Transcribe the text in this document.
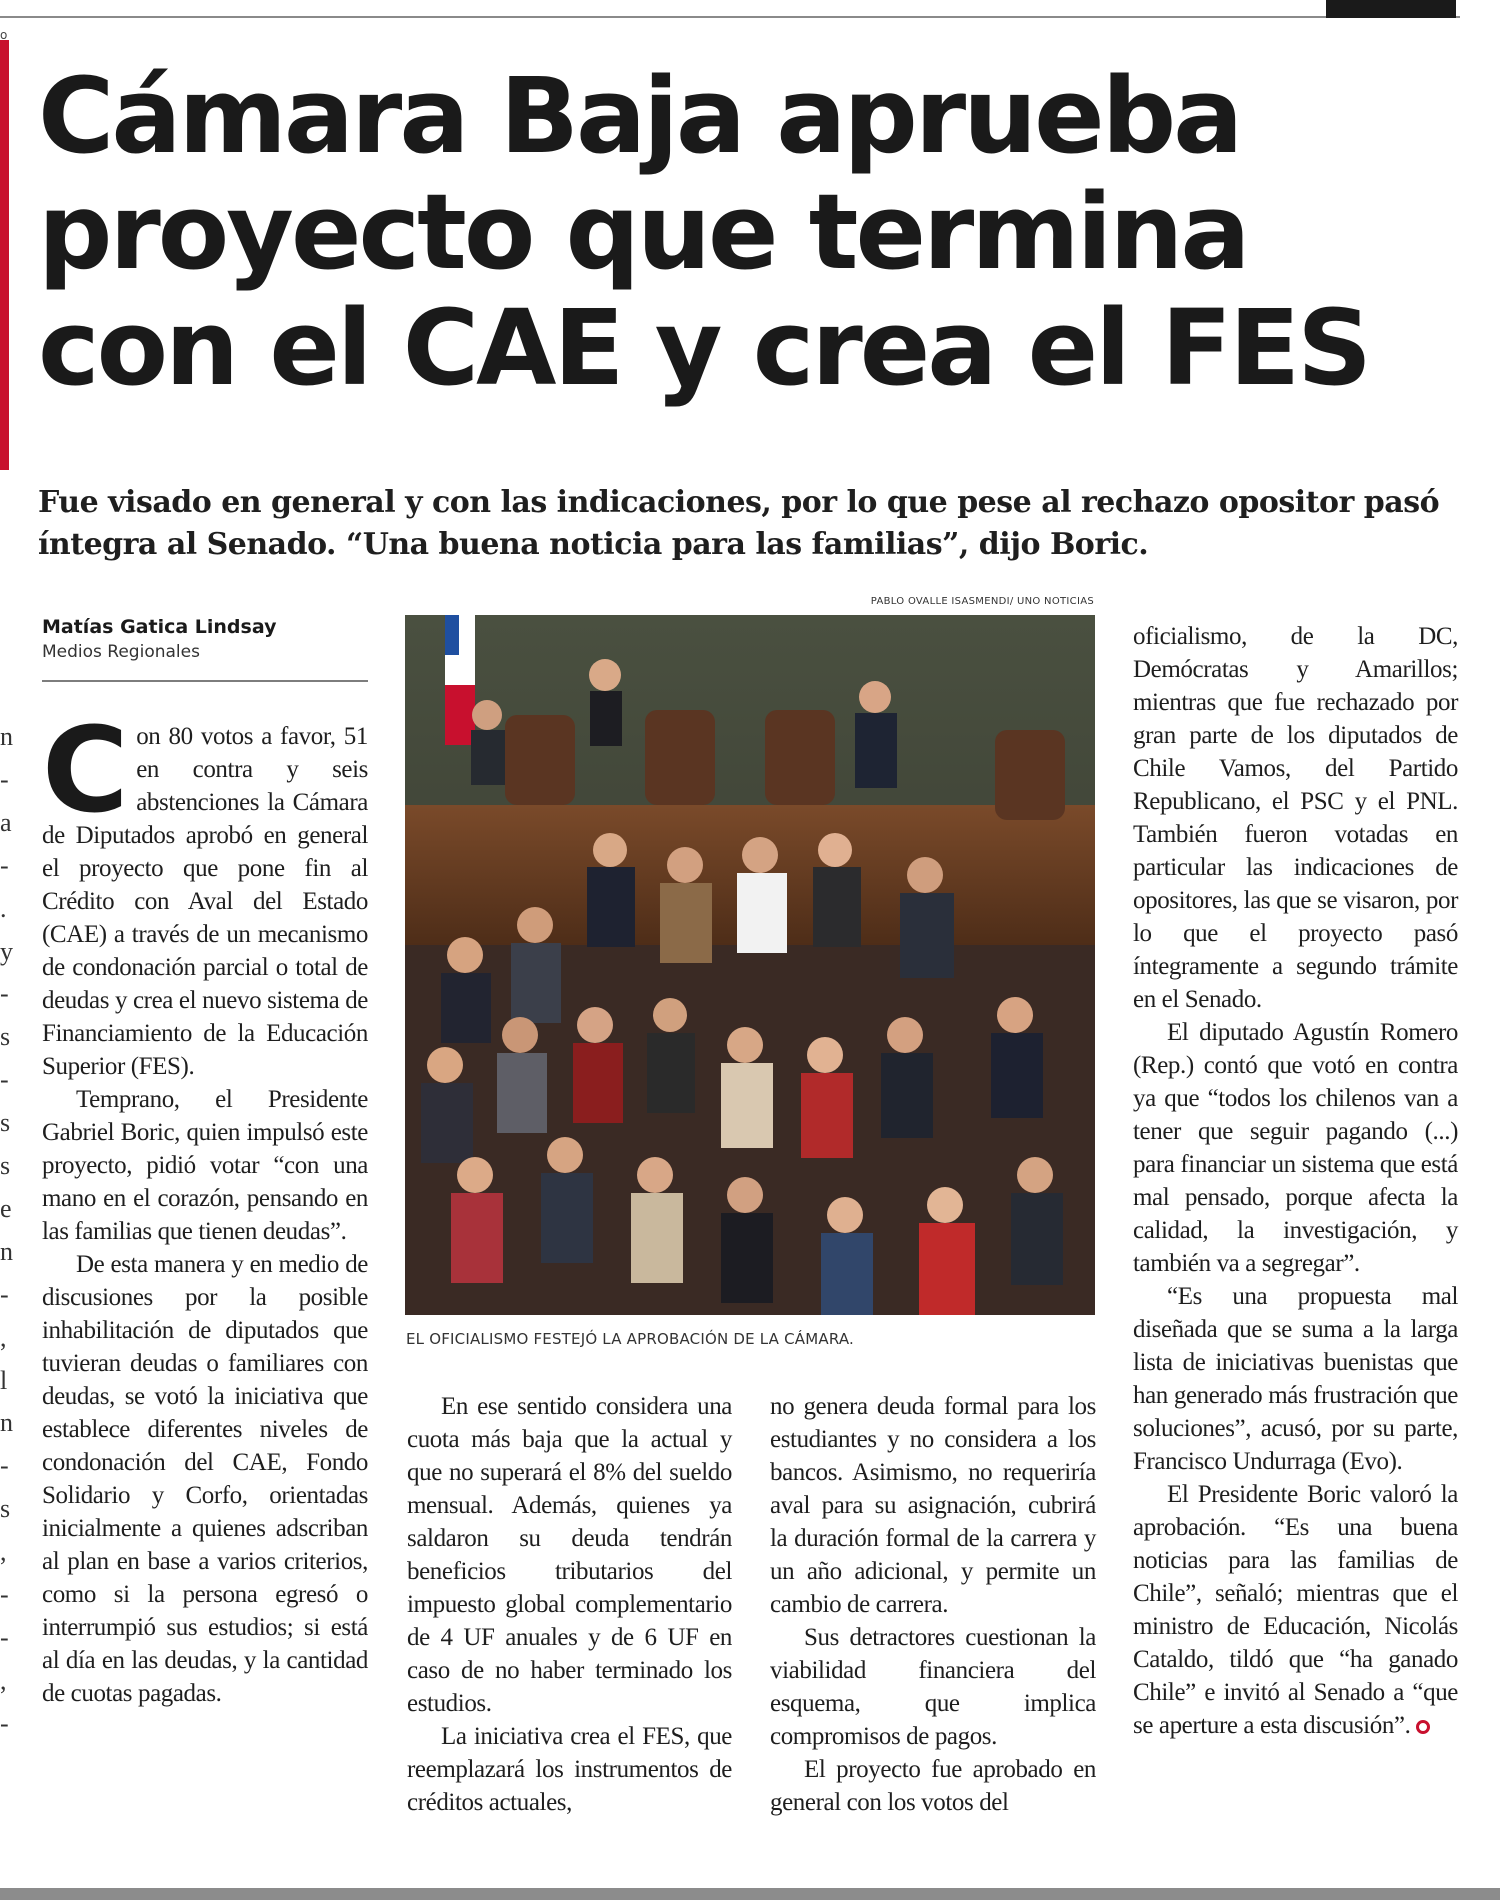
o
n
-
a
-
.
y
-
s
-
s
s
e
n
-
,
l
n
-
s
,
-
-
,
-
Cámara Baja aprueba proyecto que termina con el CAE y crea el FES
Fue visado en general y con las indicaciones, por lo que pese al rechazo opositor pasó íntegra al Senado. “Una buena noticia para las familias”, dijo Boric.
Matías Gatica Lindsay
Medios Regionales
PABLO OVALLE ISASMENDI/ UNO NOTICIAS
EL OFICIALISMO FESTEJÓ LA APROBACIÓN DE LA CÁMARA.

Con 80 votos a favor, 51 en contra y seis abstenciones la Cámara de Diputados aprobó en general el proyecto que pone fin al Crédito con Aval del Estado (CAE) a través de un mecanismo de condonación parcial o total de deudas y crea el nuevo sistema de Financiamiento de la Educación Superior (FES).

Temprano, el Presidente Gabriel Boric, quien impulsó este proyecto, pidió votar “con una mano en el corazón, pensando en las familias que tienen deudas”.

De esta manera y en medio de discusiones por la posible inhabilitación de diputados que tuvieran deudas o familiares con deudas, se votó la iniciativa que establece diferentes niveles de condonación del CAE, Fondo Solidario y Corfo, orientadas inicialmente a quienes adscriban al plan en base a varios criterios, como si la persona egresó o interrumpió sus estudios; si está al día en las deudas, y la cantidad de cuotas pagadas.

En ese sentido considera una cuota más baja que la actual y que no superará el 8% del sueldo mensual. Además, quienes ya saldaron su deuda tendrán beneficios tributarios del impuesto global complementario de 4 UF anuales y de 6 UF en caso de no haber terminado los estudios.

La iniciativa crea el FES, que reemplazará los instrumentos de créditos actuales,

no genera deuda formal para los estudiantes y no considera a los bancos. Asimismo, no requeriría aval para su asignación, cubrirá la duración formal de la carrera y un año adicional, y permite un cambio de carrera.

Sus detractores cuestionan la viabilidad financiera del esquema, que implica compromisos de pagos.

El proyecto fue aprobado en general con los votos del

oficialismo, de la DC, Demócratas y Amarillos; mientras que fue rechazado por gran parte de los diputados de Chile Vamos, del Partido Republicano, el PSC y el PNL. También fueron votadas en particular las indicaciones de opositores, las que se visaron, por lo que el proyecto pasó íntegramente a segundo trámite en el Senado.

El diputado Agustín Romero (Rep.) contó que votó en contra ya que “todos los chilenos van a tener que seguir pagando (...) para financiar un sistema que está mal pensado, porque afecta la calidad, la investigación, y también va a segregar”.

“Es una propuesta mal diseñada que se suma a la larga lista de iniciativas buenistas que han generado más frustración que soluciones”, acusó, por su parte, Francisco Undurraga (Evo).

El Presidente Boric valoró la aprobación. “Es una buena noticias para las familias de Chile”, señaló; mientras que el ministro de Educación, Nicolás Cataldo, tildó que “ha ganado Chile” e invitó al Senado a “que se aperture a esta discusión”.
